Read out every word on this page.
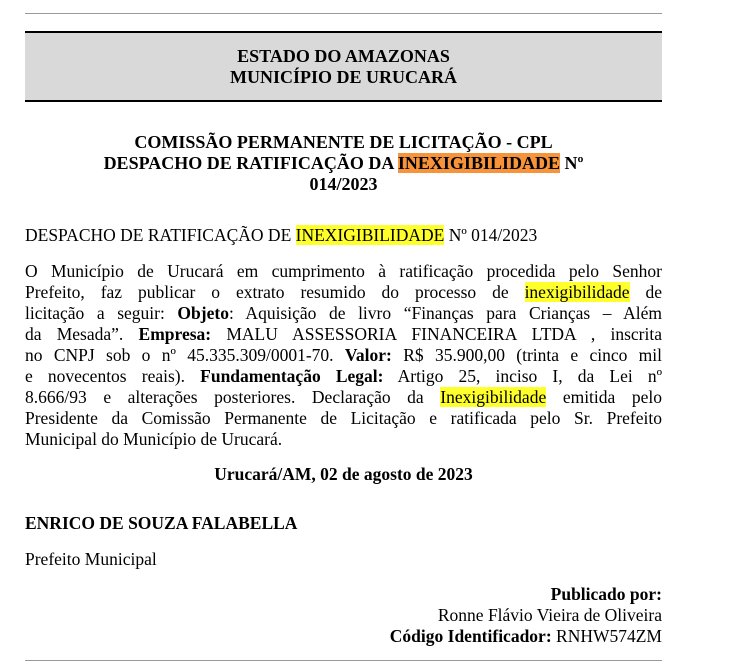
ESTADO DO AMAZONAS
MUNICÍPIO DE URUCARÁ
COMISSÃO PERMANENTE DE LICITAÇÃO - CPL
DESPACHO DE RATIFICAÇÃO DA INEXIGIBILIDADE Nº
014/2023
DESPACHO DE RATIFICAÇÃO DE INEXIGIBILIDADE Nº 014/2023
O Município de Urucará em cumprimento à ratificação procedida pelo Senhor
Prefeito, faz publicar o extrato resumido do processo de inexigibilidade de
licitação a seguir: Objeto: Aquisição de livro “Finanças para Crianças – Além
da Mesada”. Empresa: MALU ASSESSORIA FINANCEIRA LTDA , inscrita
no CNPJ sob o nº 45.335.309/0001-70. Valor: R$ 35.900,00 (trinta e cinco mil
e novecentos reais). Fundamentação Legal: Artigo 25, inciso I, da Lei nº
8.666/93 e alterações posteriores. Declaração da Inexigibilidade emitida pelo
Presidente da Comissão Permanente de Licitação e ratificada pelo Sr. Prefeito
Municipal do Município de Urucará.
Urucará/AM, 02 de agosto de 2023
ENRICO DE SOUZA FALABELLA
Prefeito Municipal
Publicado por:
Ronne Flávio Vieira de Oliveira
Código Identificador: RNHW574ZM
